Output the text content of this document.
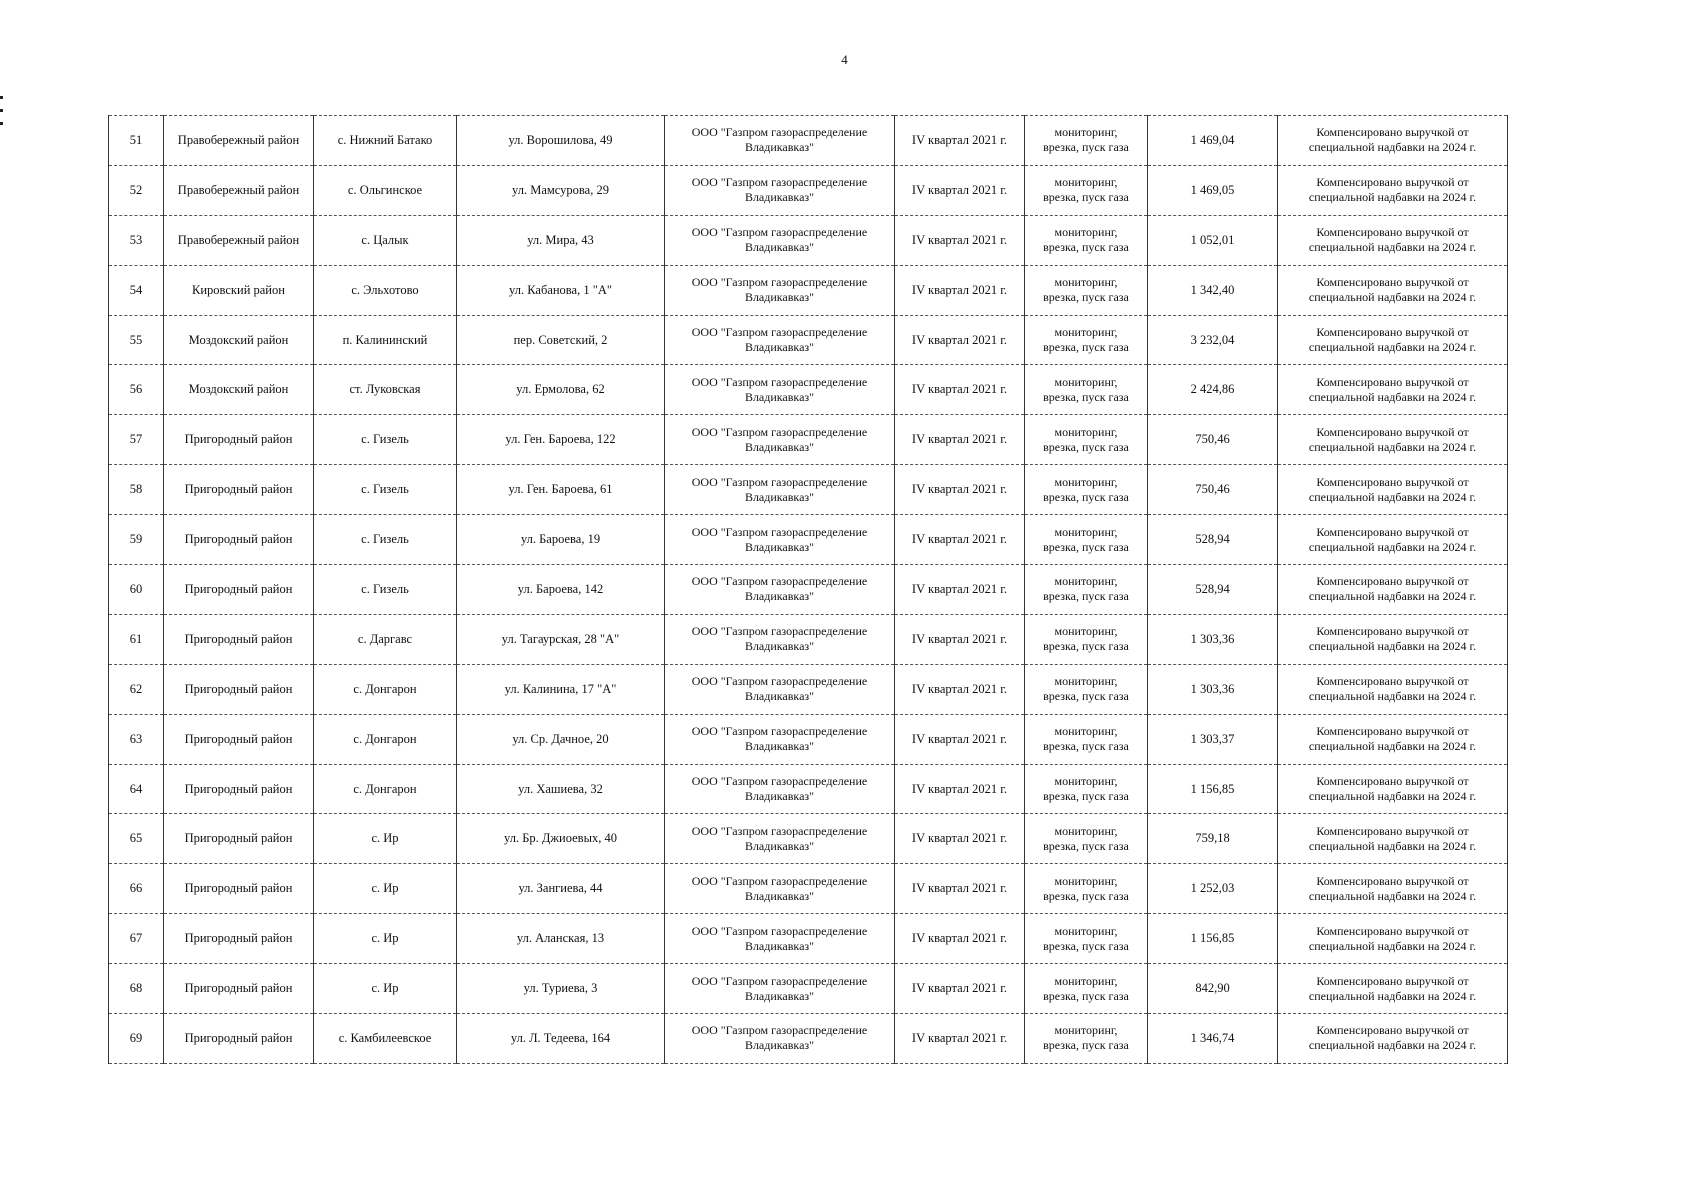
4
51	Правобережный район	с. Нижний Батако	ул. Ворошилова, 49	ООО "Газпром газораспределение
Владикавказ"	IV квартал 2021 г.	мониторинг,
врезка, пуск газа	1 469,04	Компенсировано выручкой от
специальной надбавки на 2024 г.
52	Правобережный район	с. Ольгинское	ул. Мамсурова, 29	ООО "Газпром газораспределение
Владикавказ"	IV квартал 2021 г.	мониторинг,
врезка, пуск газа	1 469,05	Компенсировано выручкой от
специальной надбавки на 2024 г.
53	Правобережный район	с. Цалык	ул. Мира, 43	ООО "Газпром газораспределение
Владикавказ"	IV квартал 2021 г.	мониторинг,
врезка, пуск газа	1 052,01	Компенсировано выручкой от
специальной надбавки на 2024 г.
54	Кировский район	с. Эльхотово	ул. Кабанова, 1 "А"	ООО "Газпром газораспределение
Владикавказ"	IV квартал 2021 г.	мониторинг,
врезка, пуск газа	1 342,40	Компенсировано выручкой от
специальной надбавки на 2024 г.
55	Моздокский район	п. Калининский	пер. Советский, 2	ООО "Газпром газораспределение
Владикавказ"	IV квартал 2021 г.	мониторинг,
врезка, пуск газа	3 232,04	Компенсировано выручкой от
специальной надбавки на 2024 г.
56	Моздокский район	ст. Луковская	ул. Ермолова, 62	ООО "Газпром газораспределение
Владикавказ"	IV квартал 2021 г.	мониторинг,
врезка, пуск газа	2 424,86	Компенсировано выручкой от
специальной надбавки на 2024 г.
57	Пригородный район	с. Гизель	ул. Ген. Бароева, 122	ООО "Газпром газораспределение
Владикавказ"	IV квартал 2021 г.	мониторинг,
врезка, пуск газа	750,46	Компенсировано выручкой от
специальной надбавки на 2024 г.
58	Пригородный район	с. Гизель	ул. Ген. Бароева, 61	ООО "Газпром газораспределение
Владикавказ"	IV квартал 2021 г.	мониторинг,
врезка, пуск газа	750,46	Компенсировано выручкой от
специальной надбавки на 2024 г.
59	Пригородный район	с. Гизель	ул. Бароева, 19	ООО "Газпром газораспределение
Владикавказ"	IV квартал 2021 г.	мониторинг,
врезка, пуск газа	528,94	Компенсировано выручкой от
специальной надбавки на 2024 г.
60	Пригородный район	с. Гизель	ул. Бароева, 142	ООО "Газпром газораспределение
Владикавказ"	IV квартал 2021 г.	мониторинг,
врезка, пуск газа	528,94	Компенсировано выручкой от
специальной надбавки на 2024 г.
61	Пригородный район	с. Даргавс	ул. Тагаурская, 28 "А"	ООО "Газпром газораспределение
Владикавказ"	IV квартал 2021 г.	мониторинг,
врезка, пуск газа	1 303,36	Компенсировано выручкой от
специальной надбавки на 2024 г.
62	Пригородный район	с. Донгарон	ул. Калинина, 17 "А"	ООО "Газпром газораспределение
Владикавказ"	IV квартал 2021 г.	мониторинг,
врезка, пуск газа	1 303,36	Компенсировано выручкой от
специальной надбавки на 2024 г.
63	Пригородный район	с. Донгарон	ул. Ср. Дачное, 20	ООО "Газпром газораспределение
Владикавказ"	IV квартал 2021 г.	мониторинг,
врезка, пуск газа	1 303,37	Компенсировано выручкой от
специальной надбавки на 2024 г.
64	Пригородный район	с. Донгарон	ул. Хашиева, 32	ООО "Газпром газораспределение
Владикавказ"	IV квартал 2021 г.	мониторинг,
врезка, пуск газа	1 156,85	Компенсировано выручкой от
специальной надбавки на 2024 г.
65	Пригородный район	с. Ир	ул. Бр. Джиоевых, 40	ООО "Газпром газораспределение
Владикавказ"	IV квартал 2021 г.	мониторинг,
врезка, пуск газа	759,18	Компенсировано выручкой от
специальной надбавки на 2024 г.
66	Пригородный район	с. Ир	ул. Зангиева, 44	ООО "Газпром газораспределение
Владикавказ"	IV квартал 2021 г.	мониторинг,
врезка, пуск газа	1 252,03	Компенсировано выручкой от
специальной надбавки на 2024 г.
67	Пригородный район	с. Ир	ул. Аланская, 13	ООО "Газпром газораспределение
Владикавказ"	IV квартал 2021 г.	мониторинг,
врезка, пуск газа	1 156,85	Компенсировано выручкой от
специальной надбавки на 2024 г.
68	Пригородный район	с. Ир	ул. Туриева, 3	ООО "Газпром газораспределение
Владикавказ"	IV квартал 2021 г.	мониторинг,
врезка, пуск газа	842,90	Компенсировано выручкой от
специальной надбавки на 2024 г.
69	Пригородный район	с. Камбилеевское	ул. Л. Тедеева, 164	ООО "Газпром газораспределение
Владикавказ"	IV квартал 2021 г.	мониторинг,
врезка, пуск газа	1 346,74	Компенсировано выручкой от
специальной надбавки на 2024 г.
